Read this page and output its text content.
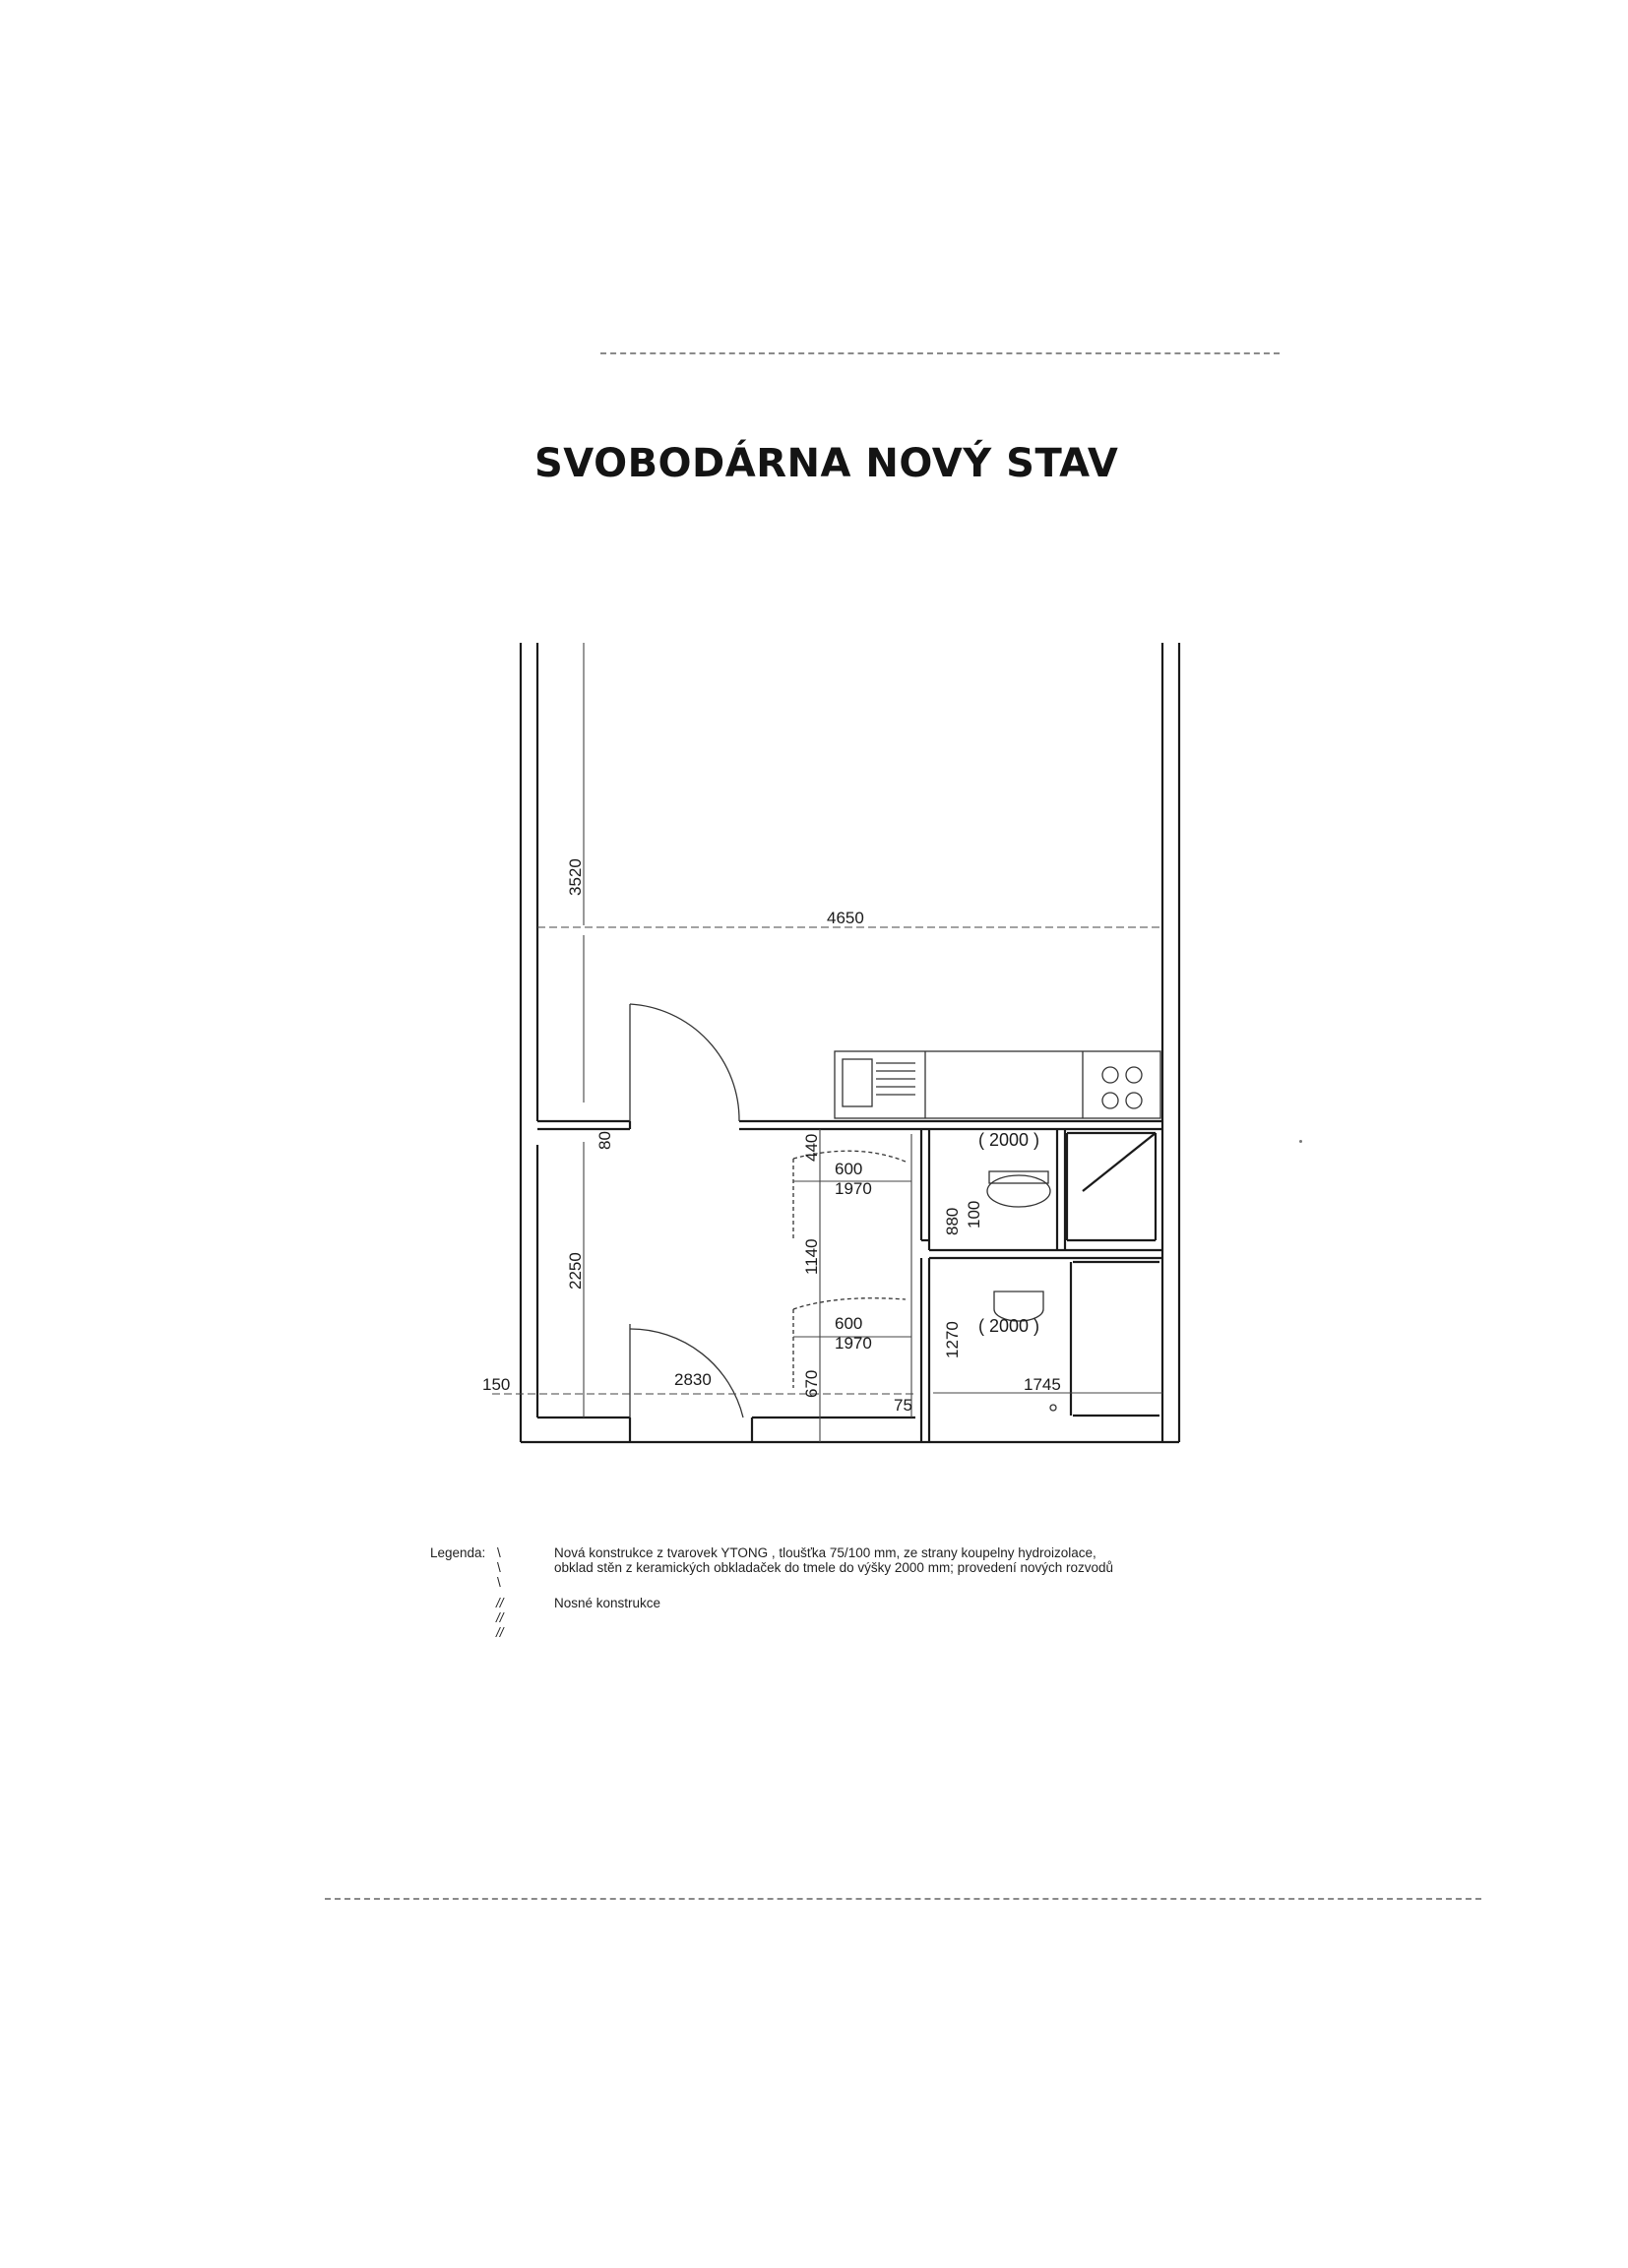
SVOBODÁRNA NOVÝ STAV
3520
4650
80	440
600
1970
880 100
1140
2250
600
1970	1270
670
150	2830
75
1745
( 2000 )
( 2000 )
Legenda: \ \ \
Nová konstrukce z tvarovek YTONG , tloušťka 75/100 mm, ze strany koupelny hydroizolace,
obklad stěn z keramických obkladaček do tmele do výšky 2000 mm; provedení nových rozvodů
// // //
Nosné konstrukce
